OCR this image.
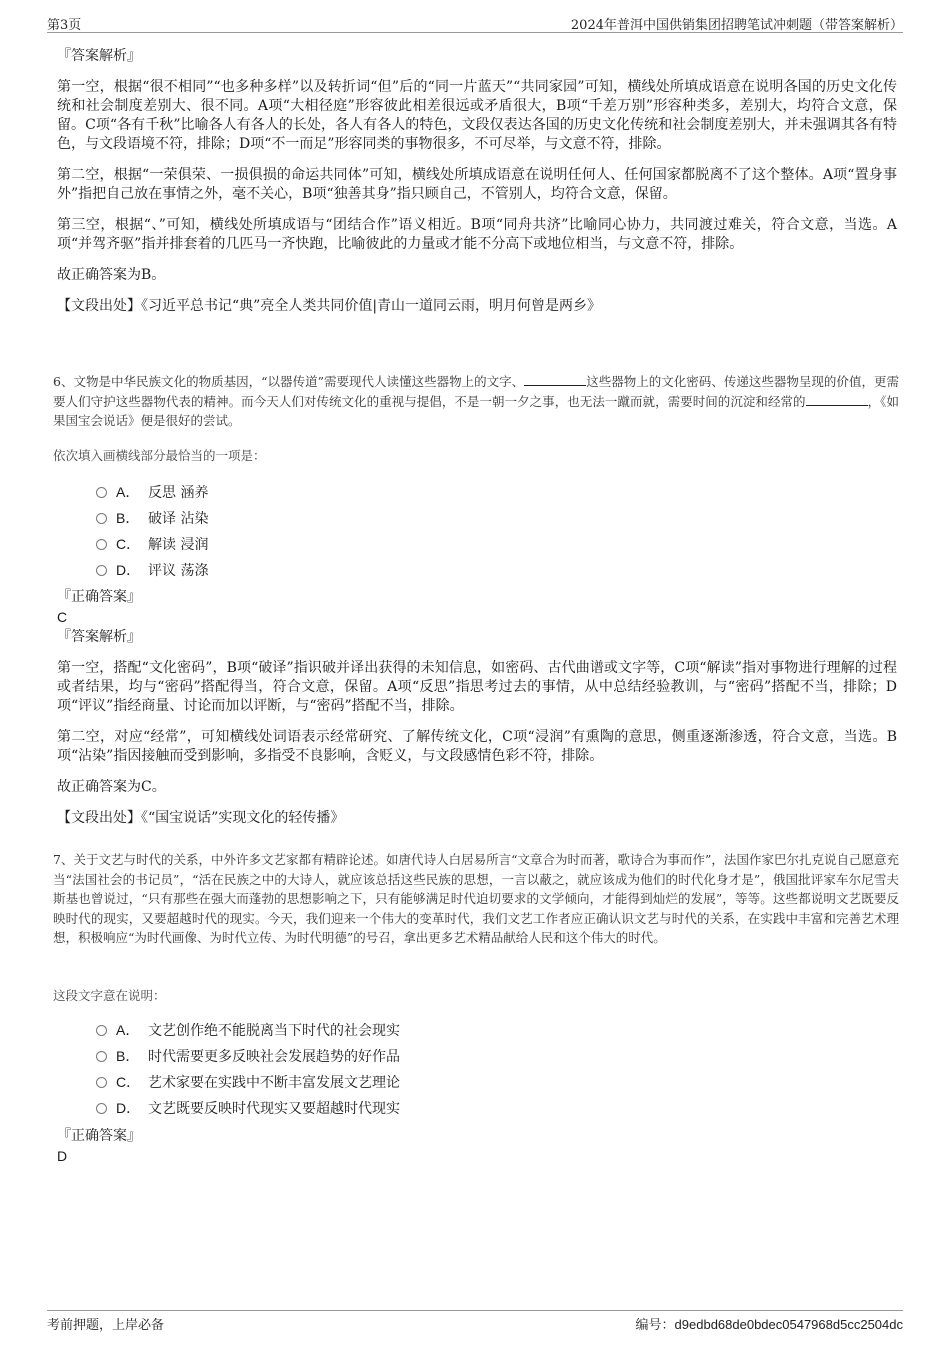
第3页	2024年普洱中国供销集团招聘笔试冲刺题（带答案解析）

『答案解析』

第一空，根据“很不相同”“也多种多样”以及转折词“但”后的“同一片蓝天”“共同家园”可知，横线处所填成语意在说明各国的历史文化传统和社会制度差别大、很不同。A项“大相径庭”形容彼此相差很远或矛盾很大，B项“千差万别”形容种类多，差别大，均符合文意，保留。C项“各有千秋”比喻各人有各人的长处，各人有各人的特色，文段仅表达各国的历史文化传统和社会制度差别大，并未强调其各有特色，与文段语境不符，排除；D项“不一而足”形容同类的事物很多，不可尽举，与文意不符，排除。

第二空，根据“一荣俱荣、一损俱损的命运共同体”可知，横线处所填成语意在说明任何人、任何国家都脱离不了这个整体。A项“置身事外”指把自己放在事情之外，毫不关心，B项“独善其身”指只顾自己，不管别人，均符合文意，保留。

第三空，根据“、”可知，横线处所填成语与“团结合作”语义相近。B项“同舟共济”比喻同心协力，共同渡过难关，符合文意，当选。A项“并驾齐驱”指并排套着的几匹马一齐快跑，比喻彼此的力量或才能不分高下或地位相当，与文意不符，排除。

故正确答案为B。

【文段出处】《习近平总书记“典”亮全人类共同价值|青山一道同云雨，明月何曾是两乡》

6、文物是中华民族文化的物质基因，“以器传道”需要现代人读懂这些器物上的文字、	这些器物上的文化密码、传递这些器物呈现的价值，更需要人们守护这些器物代表的精神。而今天人们对传统文化的重视与提倡，不是一朝一夕之事，也无法一蹴而就，需要时间的沉淀和经常的	，《如果国宝会说话》便是很好的尝试。
依次填入画横线部分最恰当的一项是：
A． 反思 涵养
B． 破译 沾染
C． 解读 浸润
D． 评议 荡涤

『正确答案』

C

『答案解析』

第一空，搭配“文化密码”，B项“破译”指识破并译出获得的未知信息，如密码、古代曲谱或文字等，C项“解读”指对事物进行理解的过程或者结果，均与“密码”搭配得当，符合文意，保留。A项“反思”指思考过去的事情，从中总结经验教训，与“密码”搭配不当，排除；D项“评议”指经商量、讨论而加以评断，与“密码”搭配不当，排除。

第二空，对应“经常”，可知横线处词语表示经常研究、了解传统文化，C项“浸润”有熏陶的意思，侧重逐渐渗透，符合文意，当选。B项“沾染”指因接触而受到影响，多指受不良影响，含贬义，与文段感情色彩不符，排除。

故正确答案为C。

【文段出处】《“国宝说话”实现文化的轻传播》

7、关于文艺与时代的关系，中外许多文艺家都有精辟论述。如唐代诗人白居易所言“文章合为时而著，歌诗合为事而作”，法国作家巴尔扎克说自己愿意充当“法国社会的书记员”，“活在民族之中的大诗人，就应该总括这些民族的思想，一言以蔽之，就应该成为他们的时代化身才是”，俄国批评家车尔尼雪夫斯基也曾说过，“只有那些在强大而蓬勃的思想影响之下，只有能够满足时代迫切要求的文学倾向，才能得到灿烂的发展”，等等。这些都说明文艺既要反映时代的现实，又要超越时代的现实。今天，我们迎来一个伟大的变革时代，我们文艺工作者应正确认识文艺与时代的关系，在实践中丰富和完善艺术理想，积极响应“为时代画像、为时代立传、为时代明德”的号召，拿出更多艺术精品献给人民和这个伟大的时代。
这段文字意在说明：
A． 文艺创作绝不能脱离当下时代的社会现实
B． 时代需要更多反映社会发展趋势的好作品
C． 艺术家要在实践中不断丰富发展文艺理论
D． 文艺既要反映时代现实又要超越时代现实

『正确答案』

D

考前押题，上岸必备	编号：d9edbd68de0bdec0547968d5cc2504dc
